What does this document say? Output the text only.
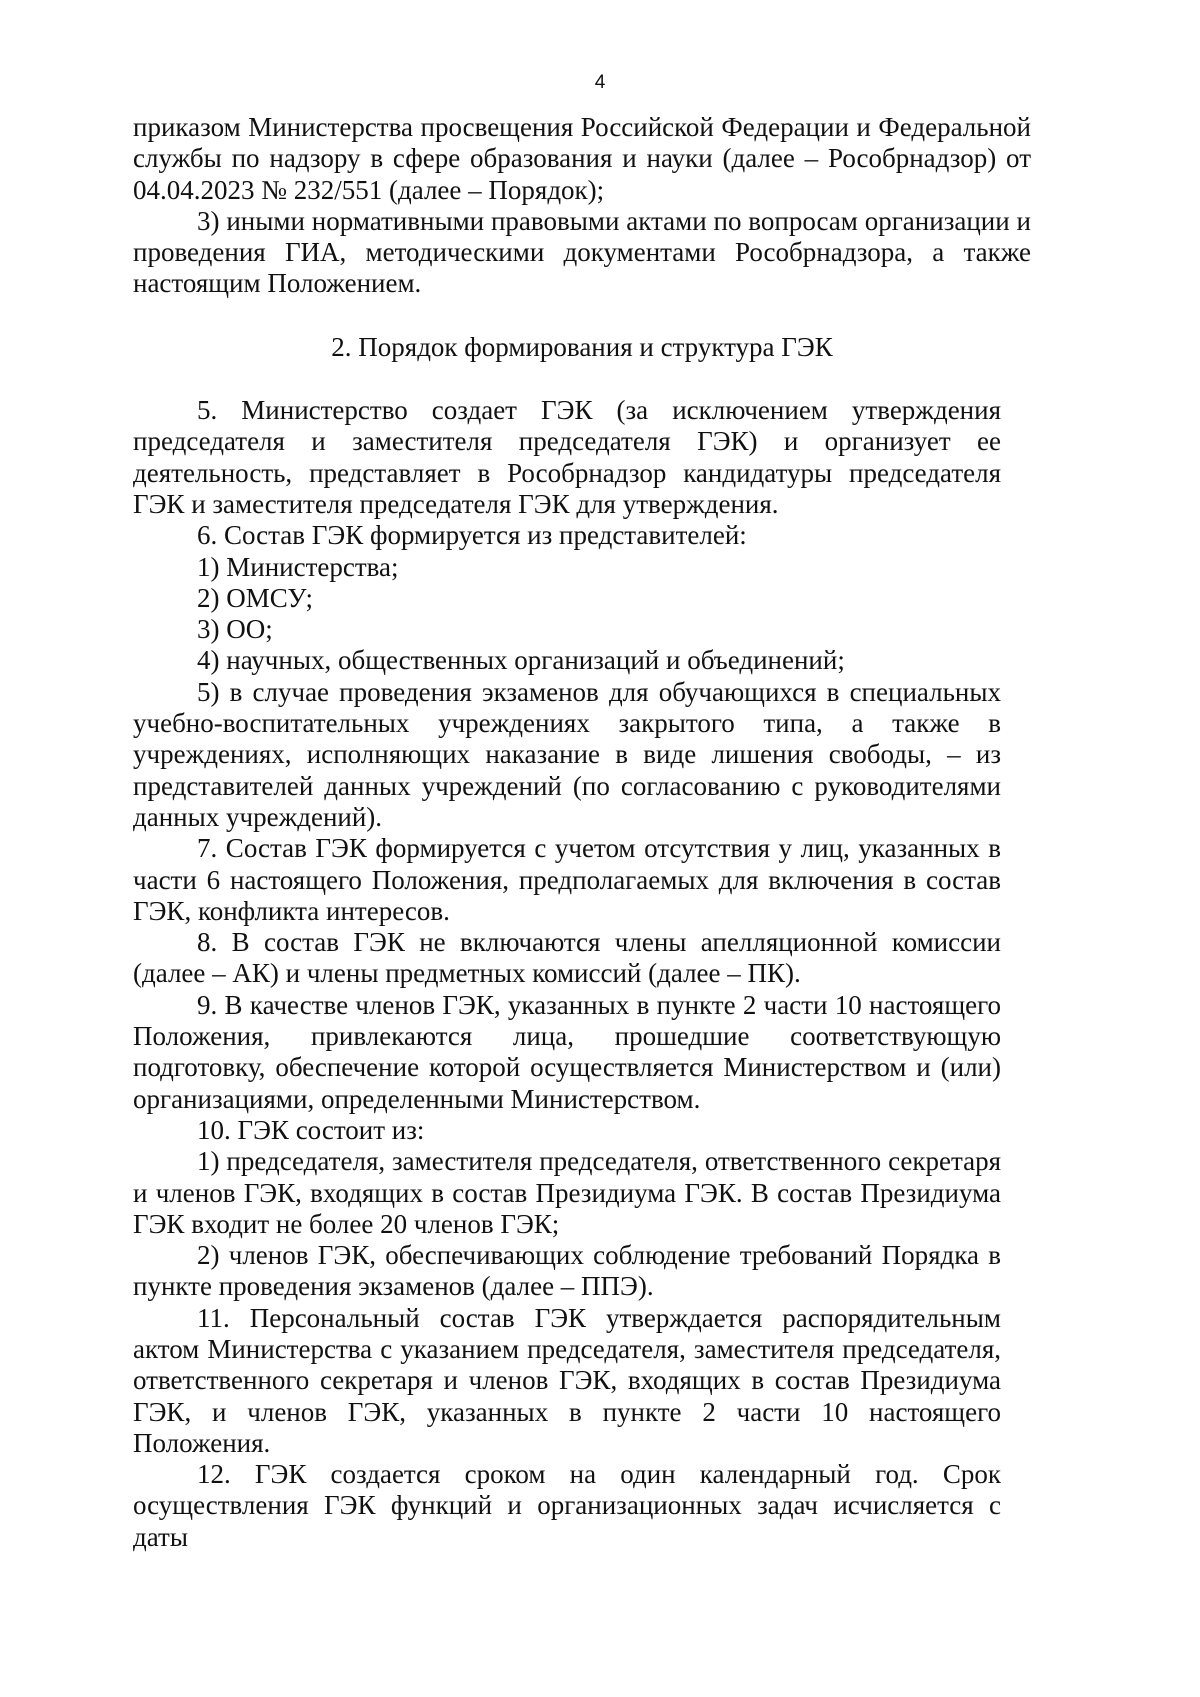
4

приказом Министерства просвещения Российской Федерации и Федеральной службы по надзору в сфере образования и науки (далее – Рособрнадзор) от 04.04.2023 № 232/551 (далее – Порядок);

3) иными нормативными правовыми актами по вопросам организации и проведения ГИА, методическими документами Рособрнадзора, а также настоящим Положением.

2. Порядок формирования и структура ГЭК

5. Министерство создает ГЭК (за исключением утверждения председателя и заместителя председателя ГЭК) и организует ее деятельность, представляет в Рособрнадзор кандидатуры председателя ГЭК и заместителя председателя ГЭК для утверждения.

6. Состав ГЭК формируется из представителей:

1) Министерства;

2) ОМСУ;

3) ОО;

4) научных, общественных организаций и объединений;

5) в случае проведения экзаменов для обучающихся в специальных учебно-воспитательных учреждениях закрытого типа, а также в учреждениях, исполняющих наказание в виде лишения свободы, – из представителей данных учреждений (по согласованию с руководителями данных учреждений).

7. Состав ГЭК формируется с учетом отсутствия у лиц, указанных в части 6 настоящего Положения, предполагаемых для включения в состав ГЭК, конфликта интересов.

8. В состав ГЭК не включаются члены апелляционной комиссии (далее – АК) и члены предметных комиссий (далее – ПК).

9. В качестве членов ГЭК, указанных в пункте 2 части 10 настоящего Положения, привлекаются лица, прошедшие соответствующую подготовку, обеспечение которой осуществляется Министерством и (или) организациями, определенными Министерством.

10. ГЭК состоит из:

1) председателя, заместителя председателя, ответственного секретаря и членов ГЭК, входящих в состав Президиума ГЭК. В состав Президиума ГЭК входит не более 20 членов ГЭК;

2) членов ГЭК, обеспечивающих соблюдение требований Порядка в пункте проведения экзаменов (далее – ППЭ).

11. Персональный состав ГЭК утверждается распорядительным актом Министерства с указанием председателя, заместителя председателя, ответственного секретаря и членов ГЭК, входящих в состав Президиума ГЭК, и членов ГЭК, указанных в пункте 2 части 10 настоящего Положения.

12. ГЭК создается сроком на один календарный год. Срок осуществления ГЭК функций и организационных задач исчисляется с даты
